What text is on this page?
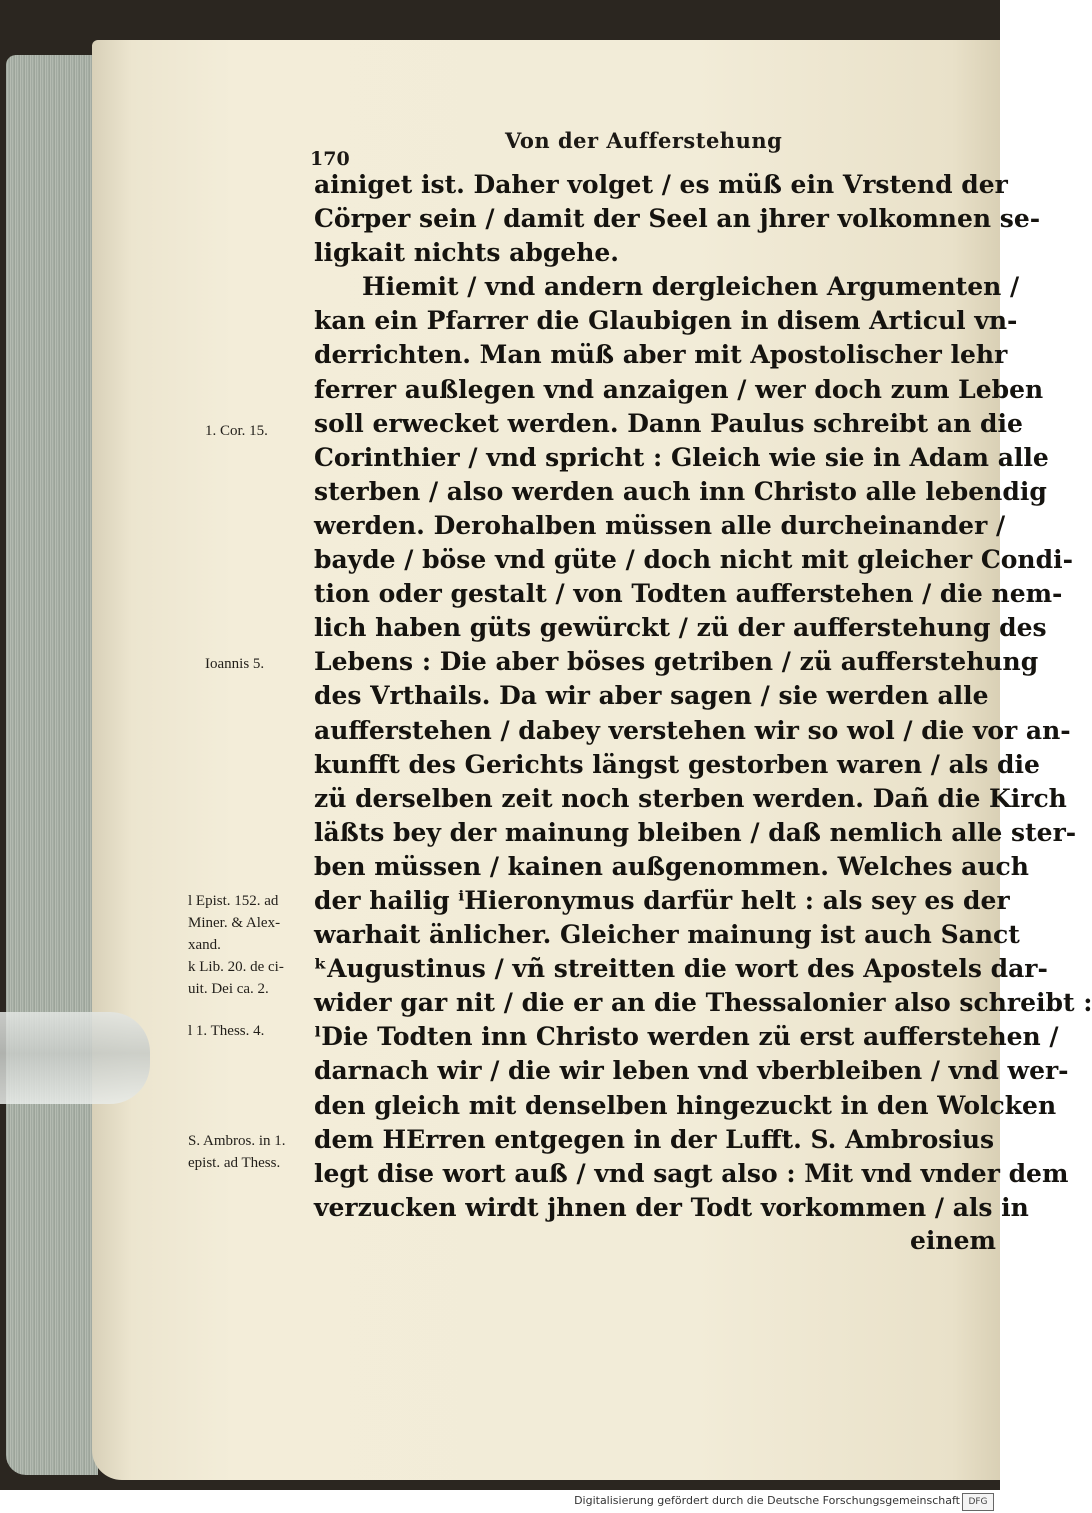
Von der Aufferstehung
170
ainiget ist. Daher volget / es müß ein Vrstend der
Cörper sein / damit der Seel an jhrer volkomnen se-
ligkait nichts abgehe.
Hiemit / vnd andern dergleichen Argumenten /
kan ein Pfarrer die Glaubigen in disem Articul vn-
derrichten. Man müß aber mit Apostolischer lehr
ferrer außlegen vnd anzaigen / wer doch zum Leben
soll erwecket werden. Dann Paulus schreibt an die
Corinthier / vnd spricht : Gleich wie sie in Adam alle
sterben / also werden auch inn Christo alle lebendig
werden. Derohalben müssen alle durcheinander /
bayde / böse vnd güte / doch nicht mit gleicher Condi-
tion oder gestalt / von Todten aufferstehen / die nem-
lich haben güts gewürckt / zü der aufferstehung des
Lebens : Die aber böses getriben / zü aufferstehung
des Vrthails. Da wir aber sagen / sie werden alle
aufferstehen / dabey verstehen wir so wol / die vor an-
kunfft des Gerichts längst gestorben waren / als die
zü derselben zeit noch sterben werden. Dañ die Kirch
läßts bey der mainung bleiben / daß nemlich alle ster-
ben müssen / kainen außgenommen. Welches auch
der hailig ⁱHieronymus darfür helt : als sey es der
warhait änlicher. Gleicher mainung ist auch Sanct
ᵏAugustinus / vñ streitten die wort des Apostels dar-
wider gar nit / die er an die Thessalonier also schreibt :
ˡDie Todten inn Christo werden zü erst aufferstehen /
darnach wir / die wir leben vnd vberbleiben / vnd wer-
den gleich mit denselben hingezuckt in den Wolcken
dem HErren entgegen in der Lufft. S. Ambrosius
legt dise wort auß / vnd sagt also : Mit vnd vnder dem
verzucken wirdt jhnen der Todt vorkommen / als in
einem
1. Cor. 15.
Ioannis 5.
l Epist. 152. ad
Miner. & Alex-
xand.
k Lib. 20. de ci-
uit. Dei ca. 2.
l 1. Thess. 4.
S. Ambros. in 1.
epist. ad Thess.
Digitalisierung gefördert durch die Deutsche Forschungsgemeinschaft DFG
